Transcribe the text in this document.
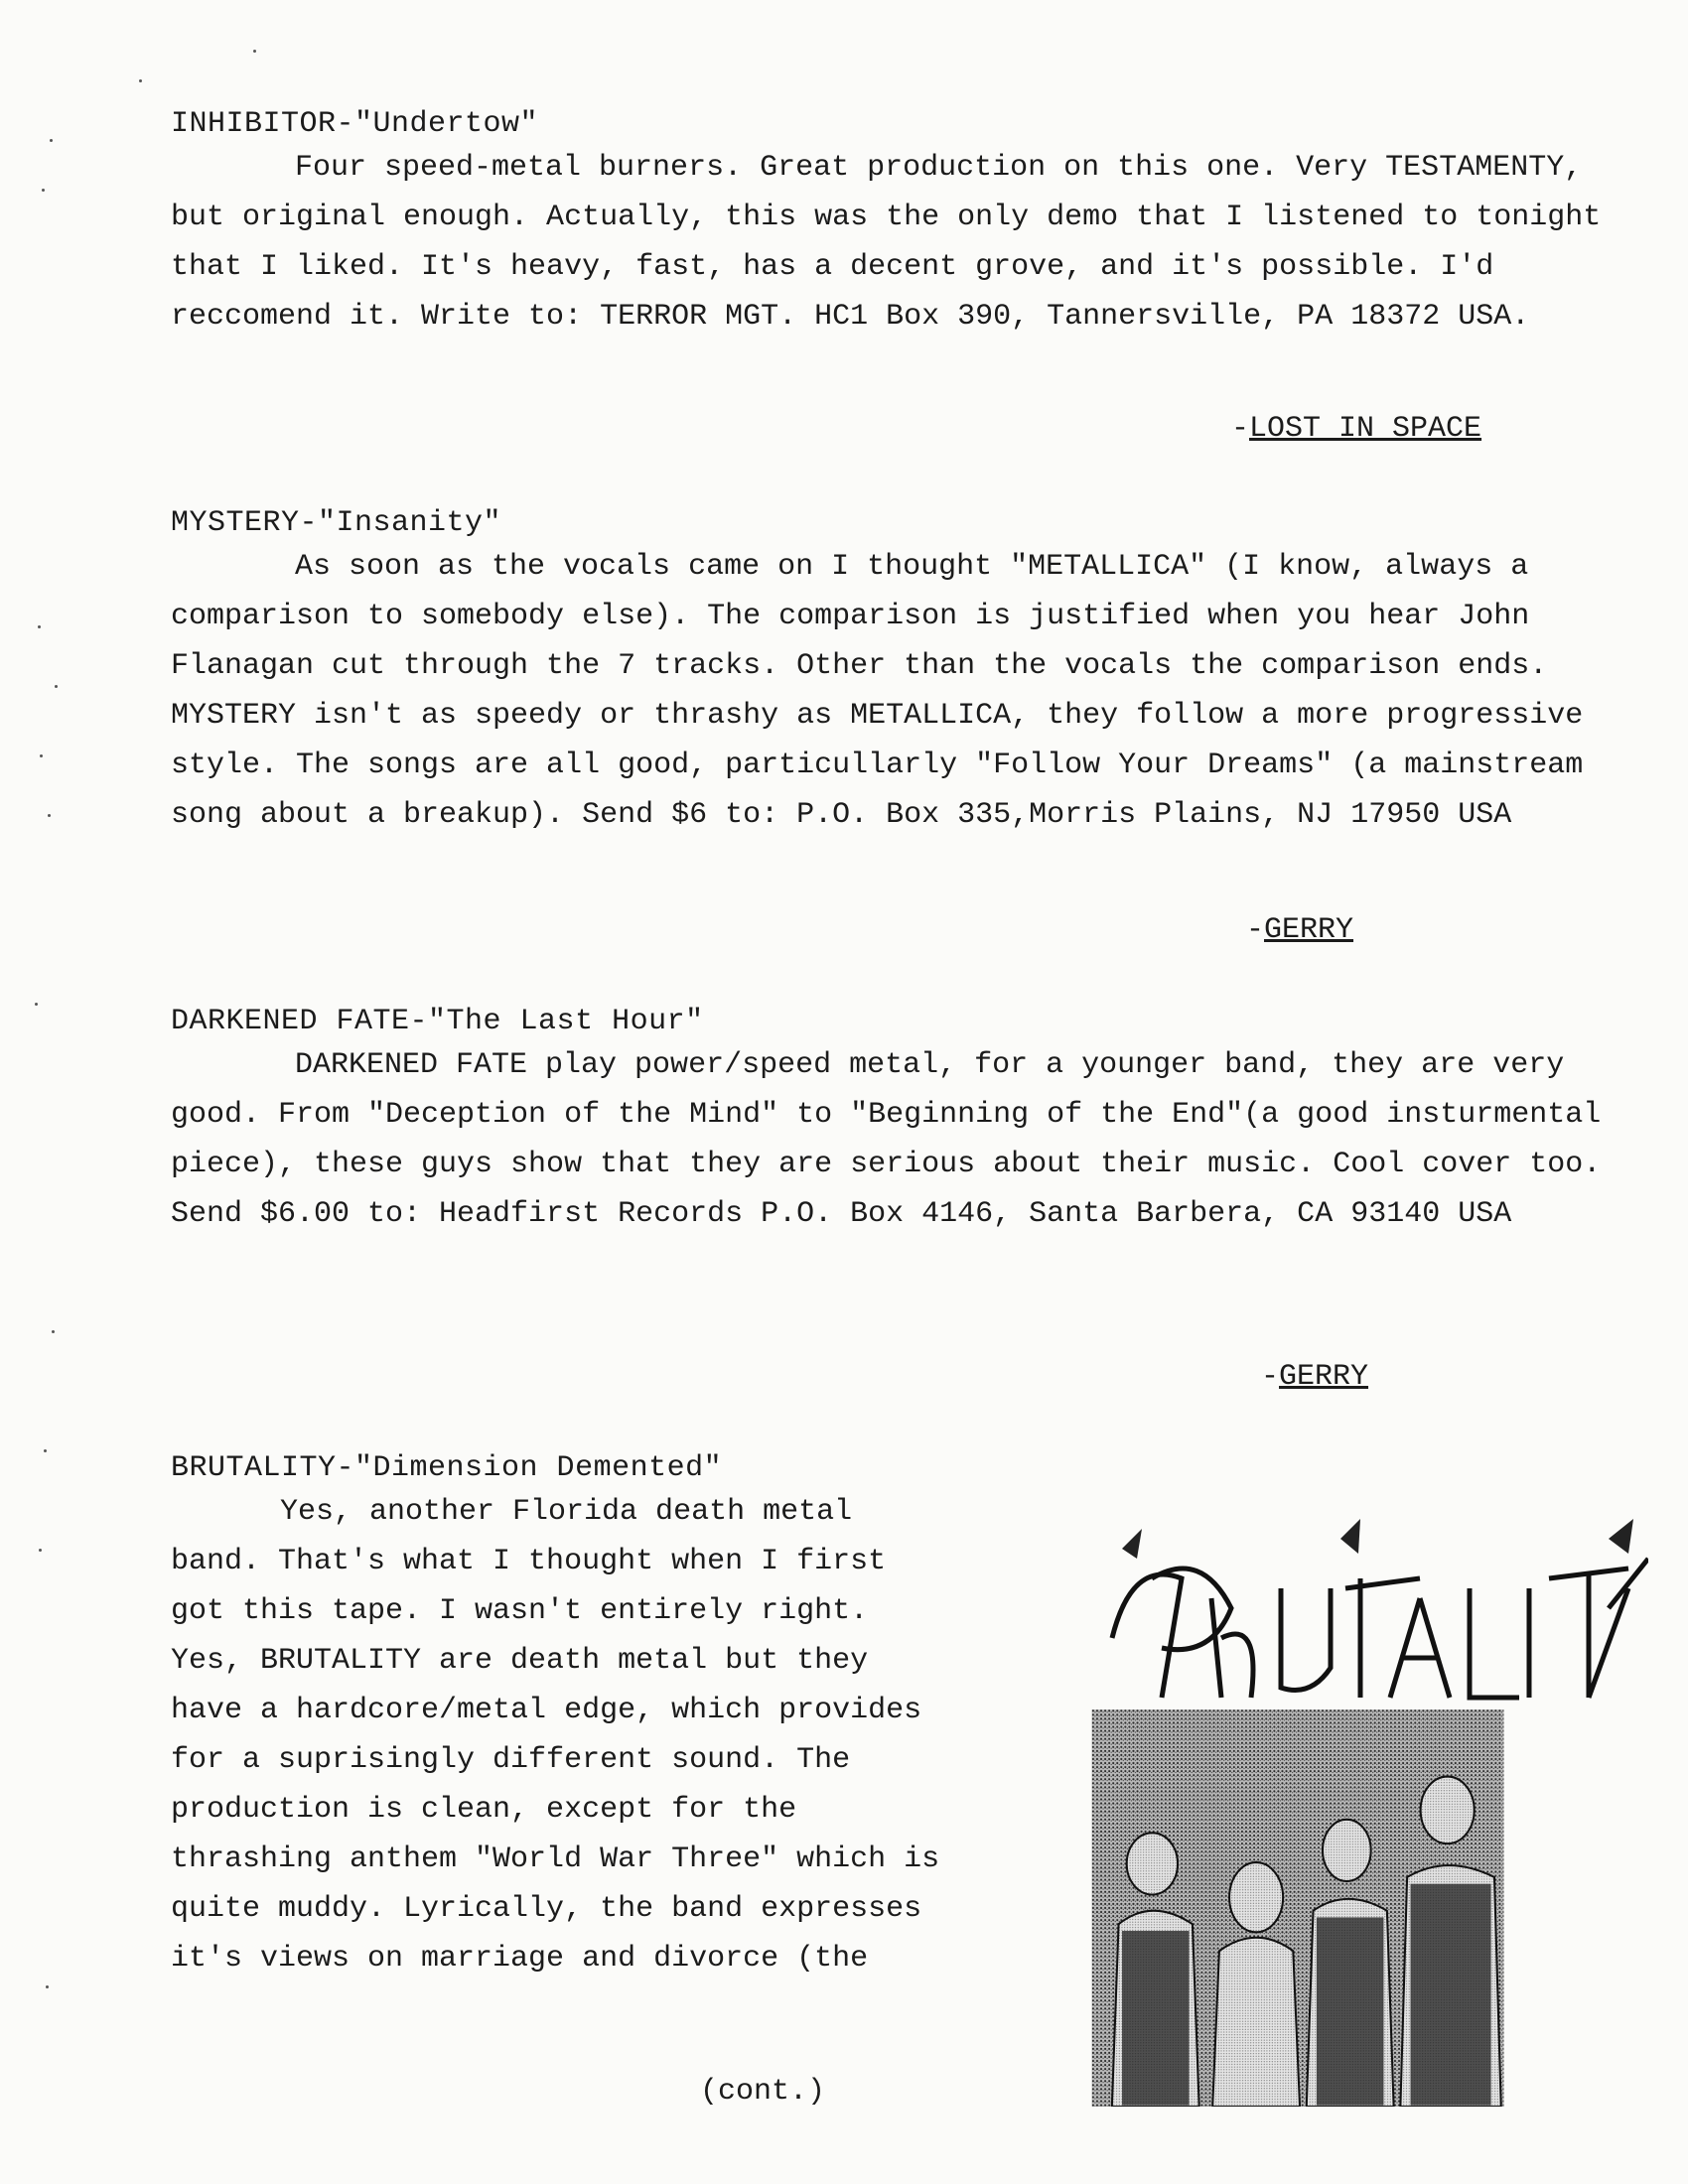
INHIBITOR-"Undertow"

Four speed-metal burners. Great production on this one. Very TESTAMENTY, but original enough. Actually, this was the only demo that I listened to tonight that I liked. It's heavy, fast, has a decent grove, and it's possible. I'd reccomend it. Write to: TERROR MGT. HC1 Box 390, Tannersville, PA 18372 USA.

-LOST IN SPACE
MYSTERY-"Insanity"

As soon as the vocals came on I thought "METALLICA" (I know, always a comparison to somebody else). The comparison is justified when you hear John Flanagan cut through the 7 tracks. Other than the vocals the comparison ends. MYSTERY isn't as speedy or thrashy as METALLICA, they follow a more progressive style. The songs are all good, particullarly "Follow Your Dreams" (a mainstream song about a breakup). Send $6 to: P.O. Box 335,Morris Plains, NJ 17950 USA

-GERRY
DARKENED FATE-"The Last Hour"

DARKENED FATE play power/speed metal, for a younger band, they are very good. From "Deception of the Mind" to "Beginning of the End"(a good insturmental piece), these guys show that they are serious about their music. Cool cover too. Send $6.00 to: Headfirst Records P.O. Box 4146, Santa Barbera, CA 93140 USA

-GERRY
BRUTALITY-"Dimension Demented"

Yes, another Florida death metal band. That's what I thought when I first got this tape. I wasn't entirely right. Yes, BRUTALITY are death metal but they have a hardcore/metal edge, which provides for a suprisingly different sound. The production is clean, except for the thrashing anthem "World War Three" which is quite muddy. Lyrically, the band expresses it's views on marriage and divorce (the

(cont.)
